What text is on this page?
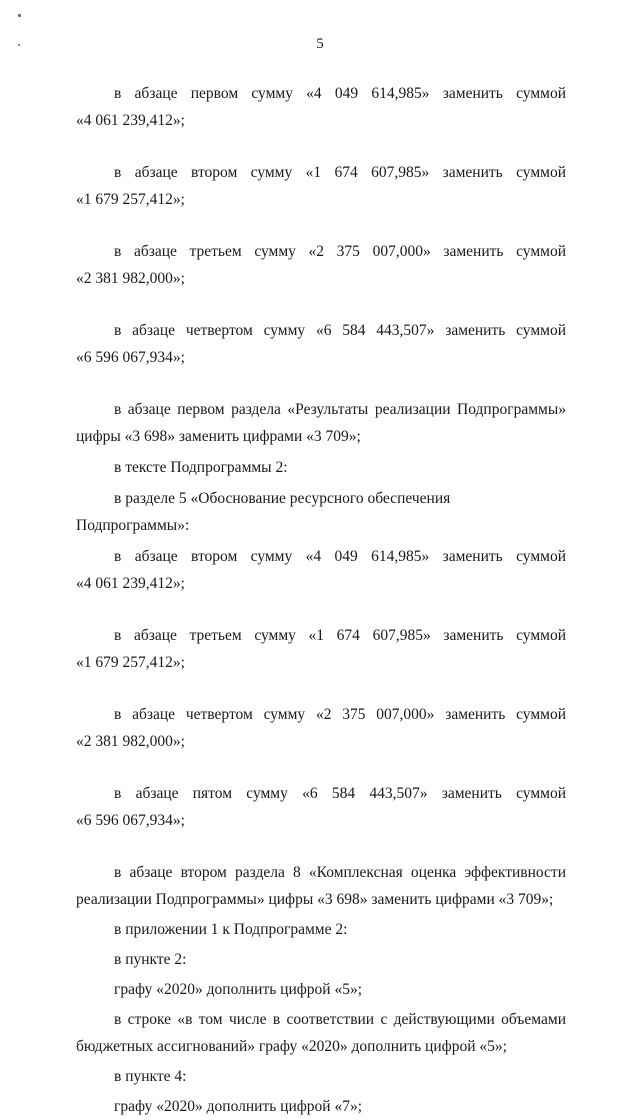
5
в абзаце первом сумму «4 049 614,985» заменить суммой
«4 061 239,412»;
в абзаце втором сумму «1 674 607,985» заменить суммой
«1 679 257,412»;
в абзаце третьем сумму «2 375 007,000» заменить суммой
«2 381 982,000»;
в абзаце четвертом сумму «6 584 443,507» заменить суммой
«6 596 067,934»;
в абзаце первом раздела «Результаты реализации Подпрограммы»
цифры «3 698» заменить цифрами «3 709»;
в тексте Подпрограммы 2:
в разделе 5 «Обоснование ресурсного обеспечения Подпрограммы»:
в абзаце втором сумму «4 049 614,985» заменить суммой
«4 061 239,412»;
в абзаце третьем сумму «1 674 607,985» заменить суммой
«1 679 257,412»;
в абзаце четвертом сумму «2 375 007,000» заменить суммой
«2 381 982,000»;
в абзаце пятом сумму «6 584 443,507» заменить суммой
«6 596 067,934»;
в абзаце втором раздела 8 «Комплексная оценка эффективности
реализации Подпрограммы» цифры «3 698» заменить цифрами «3 709»;
в приложении 1 к Подпрограмме 2:
в пункте 2:
графу «2020» дополнить цифрой «5»;
в строке «в том числе в соответствии с действующими объемами
бюджетных ассигнований» графу «2020» дополнить цифрой «5»;
в пункте 4:
графу «2020» дополнить цифрой «7»;
